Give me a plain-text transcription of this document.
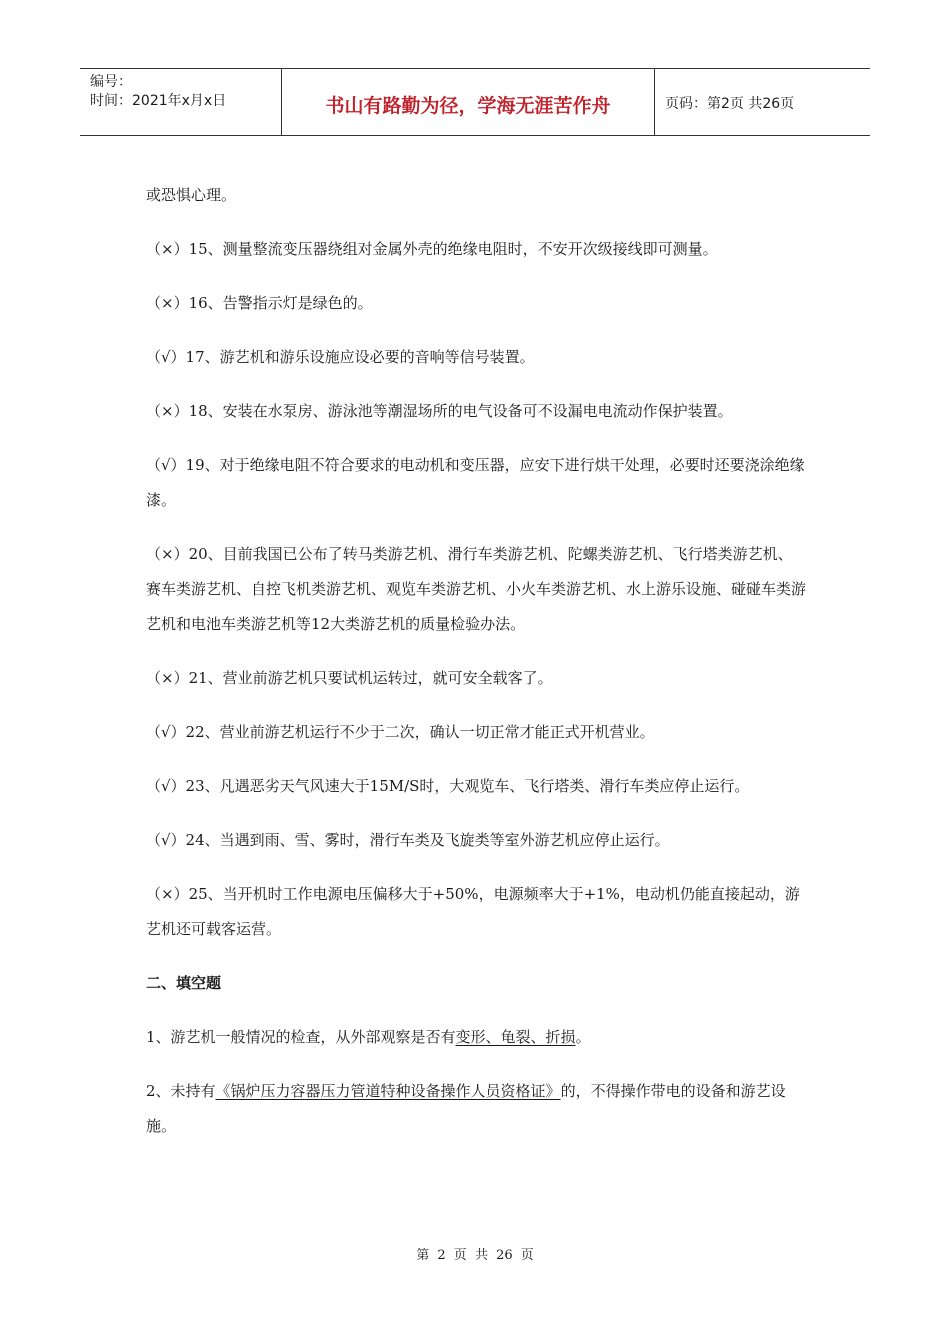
编号：
时间：2021年x月x日	书山有路勤为径，学海无涯苦作舟	页码：第2页 共26页

或恐惧心理。

（×）15、测量整流变压器绕组对金属外壳的绝缘电阻时，不安开次级接线即可测量。

（×）16、告警指示灯是绿色的。

（√）17、游艺机和游乐设施应设必要的音响等信号装置。

（×）18、安装在水泵房、游泳池等潮湿场所的电气设备可不设漏电电流动作保护装置。

（√）19、对于绝缘电阻不符合要求的电动机和变压器，应安下进行烘干处理，必要时还要浇涂绝缘漆。

（×）20、目前我国已公布了转马类游艺机、滑行车类游艺机、陀螺类游艺机、飞行塔类游艺机、赛车类游艺机、自控飞机类游艺机、观览车类游艺机、小火车类游艺机、水上游乐设施、碰碰车类游艺机和电池车类游艺机等12大类游艺机的质量检验办法。

（×）21、营业前游艺机只要试机运转过，就可安全载客了。

（√）22、营业前游艺机运行不少于二次，确认一切正常才能正式开机营业。

（√）23、凡遇恶劣天气风速大于15M/S时，大观览车、飞行塔类、滑行车类应停止运行。

（√）24、当遇到雨、雪、雾时，滑行车类及飞旋类等室外游艺机应停止运行。

（×）25、当开机时工作电源电压偏移大于+50%，电源频率大于+1%，电动机仍能直接起动，游艺机还可载客运营。

二、填空题

1、游艺机一般情况的检查，从外部观察是否有变形、龟裂、折损。

2、未持有《锅炉压力容器压力管道特种设备操作人员资格证》的，不得操作带电的设备和游艺设施。

第 2 页 共 26 页
